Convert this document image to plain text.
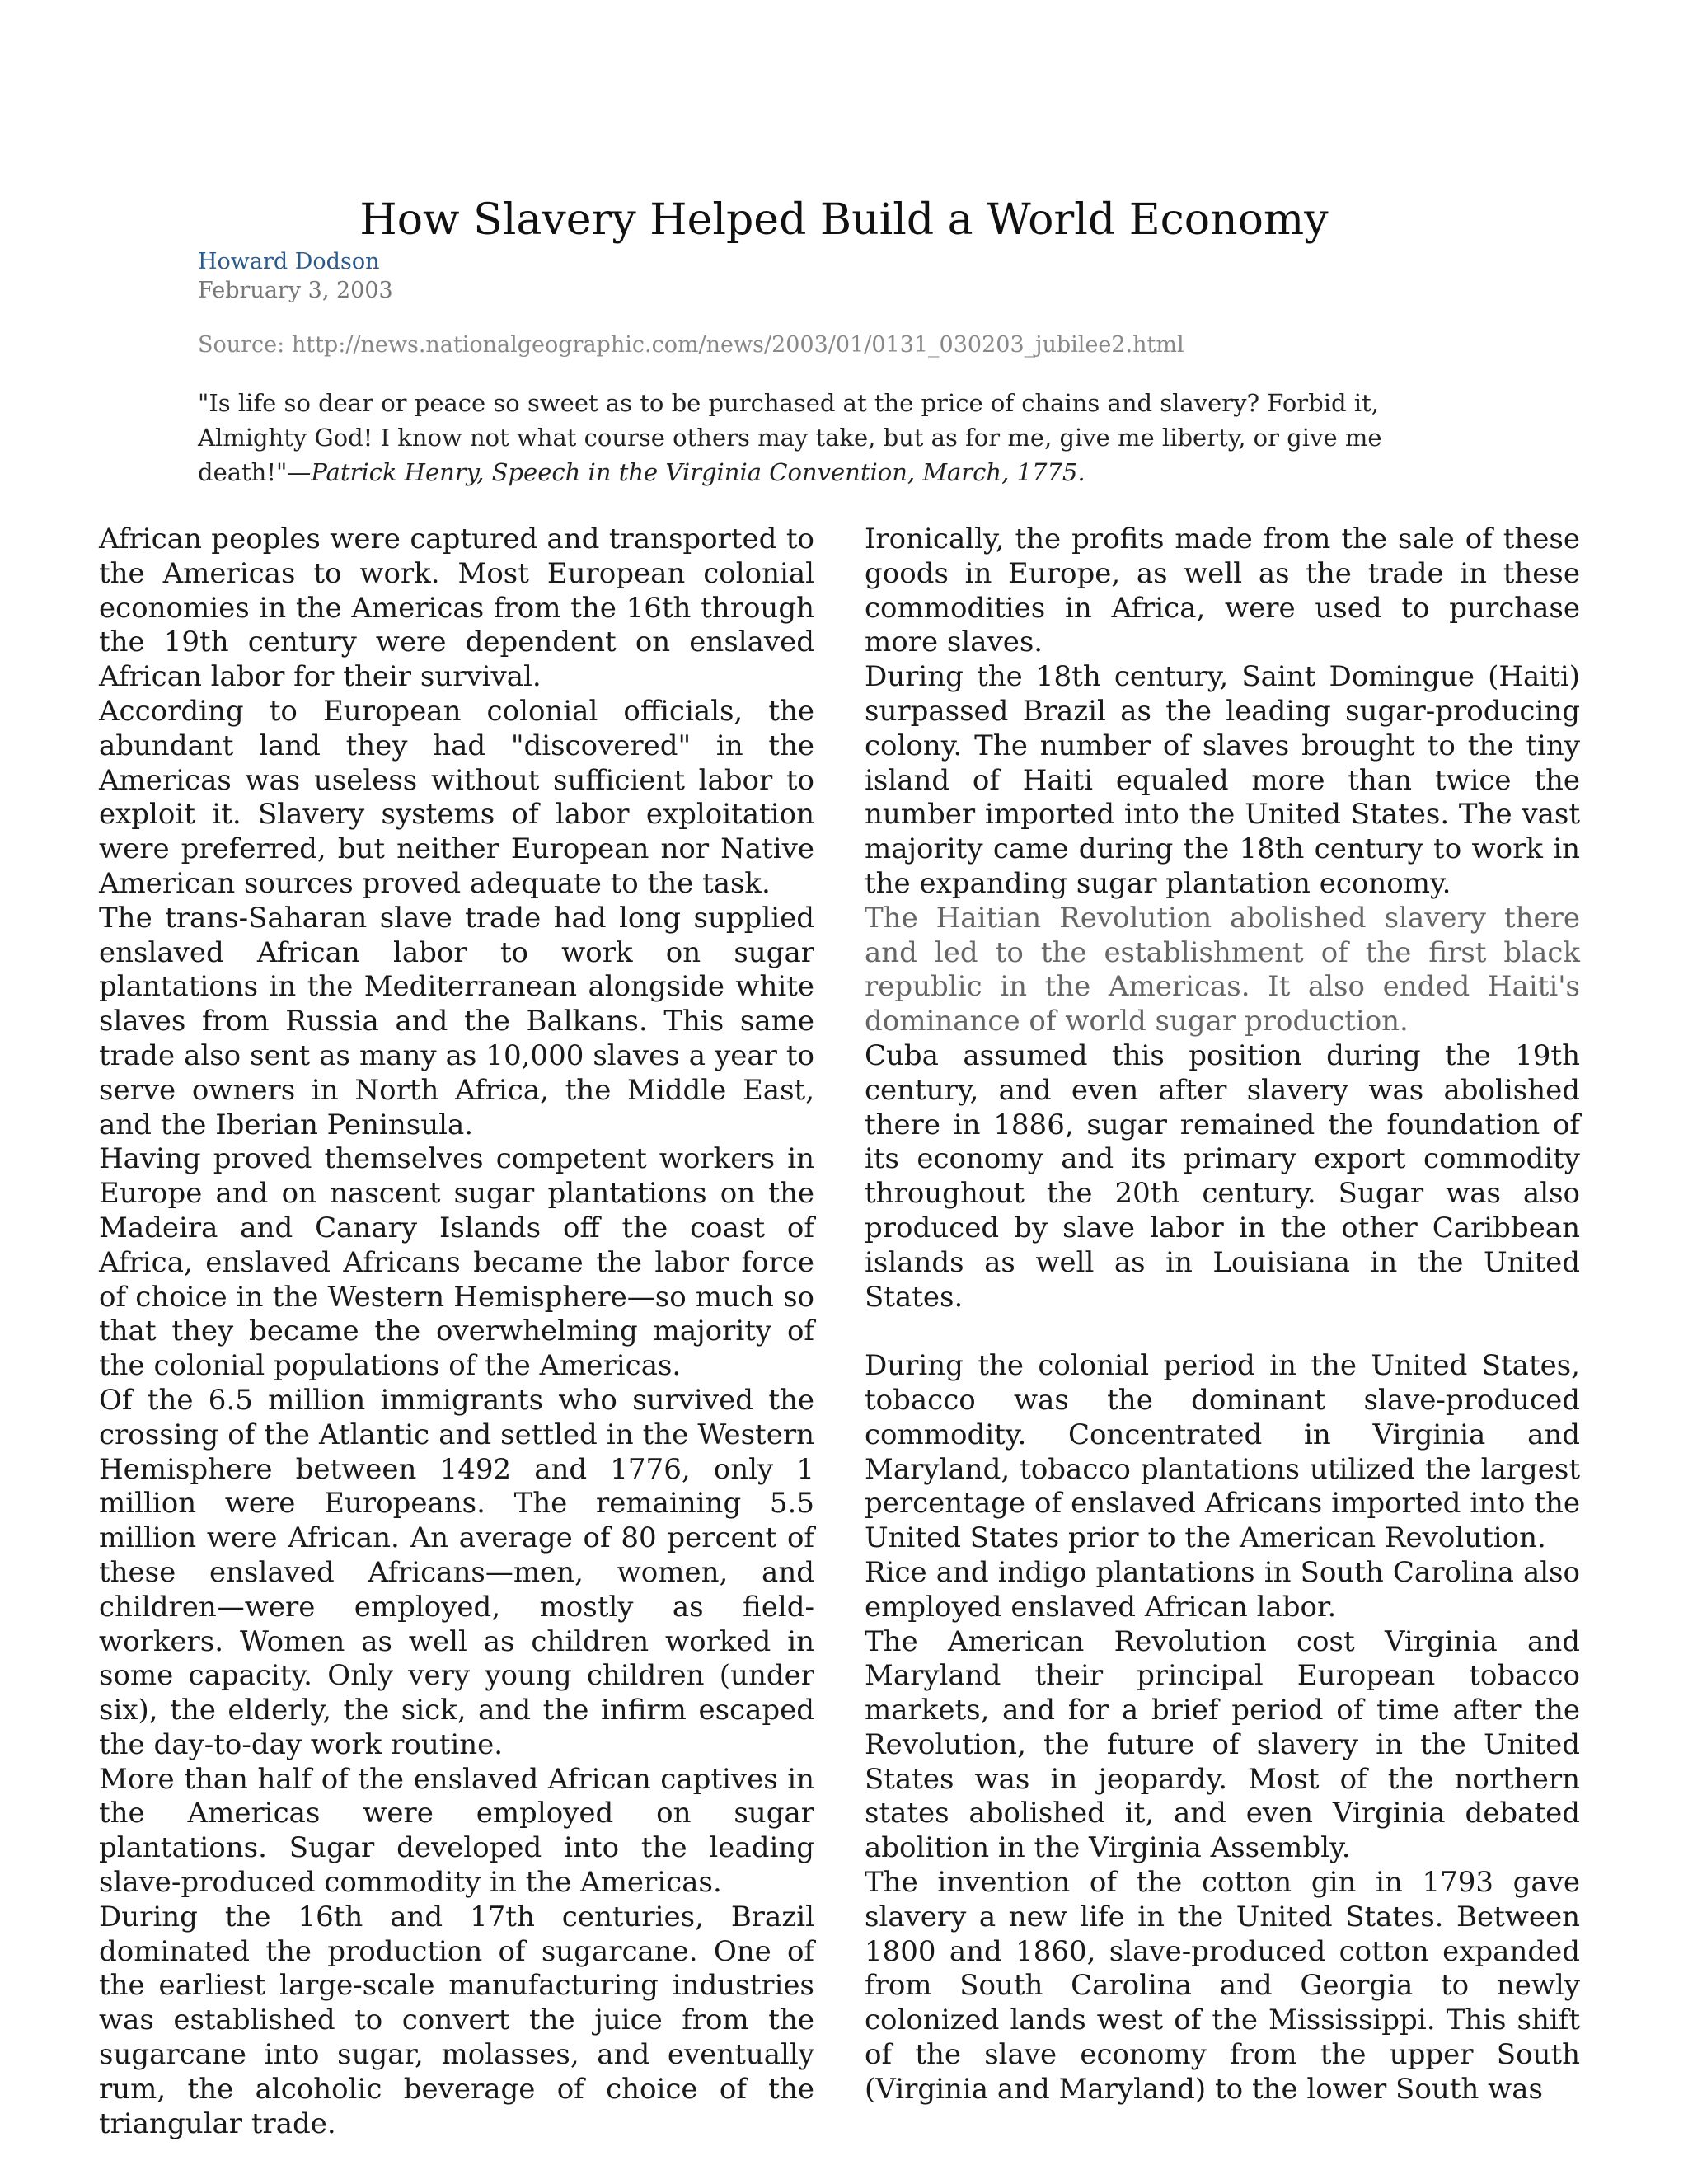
How Slavery Helped Build a World Economy
Howard Dodson
February 3, 2003
Source: http://news.nationalgeographic.com/news/2003/01/0131_030203_jubilee2.html
"Is life so dear or peace so sweet as to be purchased at the price of chains and slavery? Forbid it, Almighty God! I know not what course others may take, but as for me, give me liberty, or give me death!"—Patrick Henry, Speech in the Virginia Convention, March, 1775.

African peoples were captured and transported to the Americas to work. Most European colonial economies in the Americas from the 16th through the 19th century were dependent on enslaved African labor for their survival.

According to European colonial officials, the abundant land they had "discovered" in the Americas was useless without sufficient labor to exploit it. Slavery systems of labor exploitation were preferred, but neither European nor Native American sources proved adequate to the task.

The trans-Saharan slave trade had long supplied enslaved African labor to work on sugar plantations in the Mediterranean alongside white slaves from Russia and the Balkans. This same trade also sent as many as 10,000 slaves a year to serve owners in North Africa, the Middle East, and the Iberian Peninsula.

Having proved themselves competent workers in Europe and on nascent sugar plantations on the Madeira and Canary Islands off the coast of Africa, enslaved Africans became the labor force of choice in the Western Hemisphere—so much so that they became the overwhelming majority of the colonial populations of the Americas.

Of the 6.5 million immigrants who survived the crossing of the Atlantic and settled in the Western Hemisphere between 1492 and 1776, only 1 million were Europeans. The remaining 5.5 million were African. An average of 80 percent of these enslaved Africans—men, women, and children—were employed, mostly as field-workers. Women as well as children worked in some capacity. Only very young children (under six), the elderly, the sick, and the infirm escaped the day-to-day work routine.

More than half of the enslaved African captives in the Americas were employed on sugar plantations. Sugar developed into the leading slave-produced commodity in the Americas.

During the 16th and 17th centuries, Brazil dominated the production of sugarcane. One of the earliest large-scale manufacturing industries was established to convert the juice from the sugarcane into sugar, molasses, and eventually rum, the alcoholic beverage of choice of the triangular trade.

Ironically, the profits made from the sale of these goods in Europe, as well as the trade in these commodities in Africa, were used to purchase more slaves.

During the 18th century, Saint Domingue (Haiti) surpassed Brazil as the leading sugar-producing colony. The number of slaves brought to the tiny island of Haiti equaled more than twice the number imported into the United States. The vast majority came during the 18th century to work in the expanding sugar plantation economy.

The Haitian Revolution abolished slavery there and led to the establishment of the first black republic in the Americas. It also ended Haiti's dominance of world sugar production.

Cuba assumed this position during the 19th century, and even after slavery was abolished there in 1886, sugar remained the foundation of its economy and its primary export commodity throughout the 20th century. Sugar was also produced by slave labor in the other Caribbean islands as well as in Louisiana in the United States.

During the colonial period in the United States, tobacco was the dominant slave-produced commodity. Concentrated in Virginia and Maryland, tobacco plantations utilized the largest percentage of enslaved Africans imported into the United States prior to the American Revolution.

Rice and indigo plantations in South Carolina also employed enslaved African labor.

The American Revolution cost Virginia and Maryland their principal European tobacco markets, and for a brief period of time after the Revolution, the future of slavery in the United States was in jeopardy. Most of the northern states abolished it, and even Virginia debated abolition in the Virginia Assembly.

The invention of the cotton gin in 1793 gave slavery a new life in the United States. Between 1800 and 1860, slave-produced cotton expanded from South Carolina and Georgia to newly colonized lands west of the Mississippi. This shift of the slave economy from the upper South (Virginia and Maryland) to the lower South was
